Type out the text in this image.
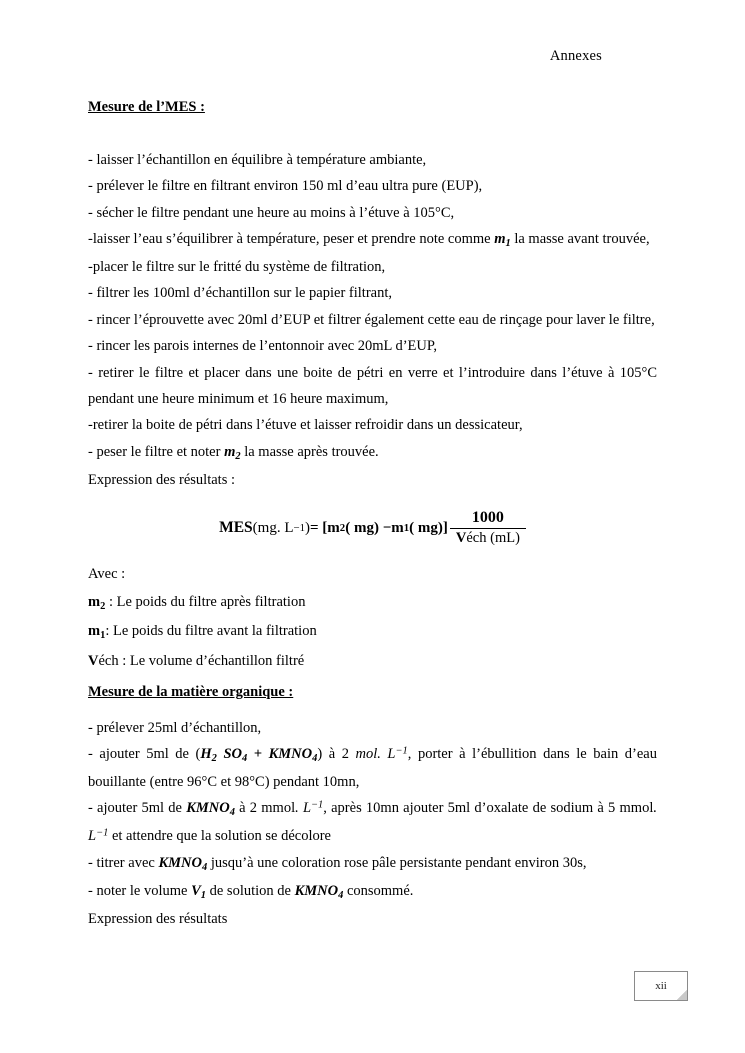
Annexes
Mesure de l’MES :
- laisser l’échantillon en équilibre à température ambiante,
- prélever le filtre en filtrant environ 150 ml d’eau ultra pure (EUP),
- sécher le filtre pendant une heure au moins à l’étuve à 105°C,
-laisser l’eau s’équilibrer à température, peser et prendre note comme $m_1$ la masse avant trouvée,
-placer le filtre sur le fritté du système de filtration,
- filtrer les 100ml d’échantillon sur le papier filtrant,
- rincer l’éprouvette avec 20ml d’EUP et filtrer également cette eau de rinçage pour laver le filtre,
- rincer les parois internes de l’entonnoir avec 20mL d’EUP,
- retirer le filtre et placer dans une boite de pétri en verre et l’introduire dans l’étuve à 105°C pendant une heure minimum et 16 heure maximum,
-retirer la boite de pétri dans l’étuve et laisser refroidir dans un dessicateur,
- peser le filtre et noter $m_2$ la masse après trouvée.
Expression des résultats :
MES (mg. L −1 ) = [ m 2 ( mg) − m 1 ( $mg)] \frac{1000}{\text{Véch (mL)}}$
Avec :
$m_2$ : Le poids du filtre après filtration
$m_1$: Le poids du filtre avant la filtration
Véch : Le volume d’échantillon filtré
Mesure de la matière organique :
- prélever 25ml d’échantillon,
- ajouter 5ml de ($H_2$ $SO_4$ + $KMNO_4$) à 2 mol. $L^{-1}$, porter à l’ébullition dans le bain d’eau bouillante (entre 96°C et 98°C) pendant 10mn,
- ajouter 5ml de $KMNO_4$ à 2 mmol. $L^{-1}$, après 10mn ajouter 5ml d’oxalate de sodium à 5 mmol. $L^{-1}$ et attendre que la solution se décolore
- titrer avec $KMNO_4$ jusqu’à une coloration rose pâle persistante pendant environ 30s,
- noter le volume $V_1$ de solution de $KMNO_4$ consommé.
Expression des résultats
xii
